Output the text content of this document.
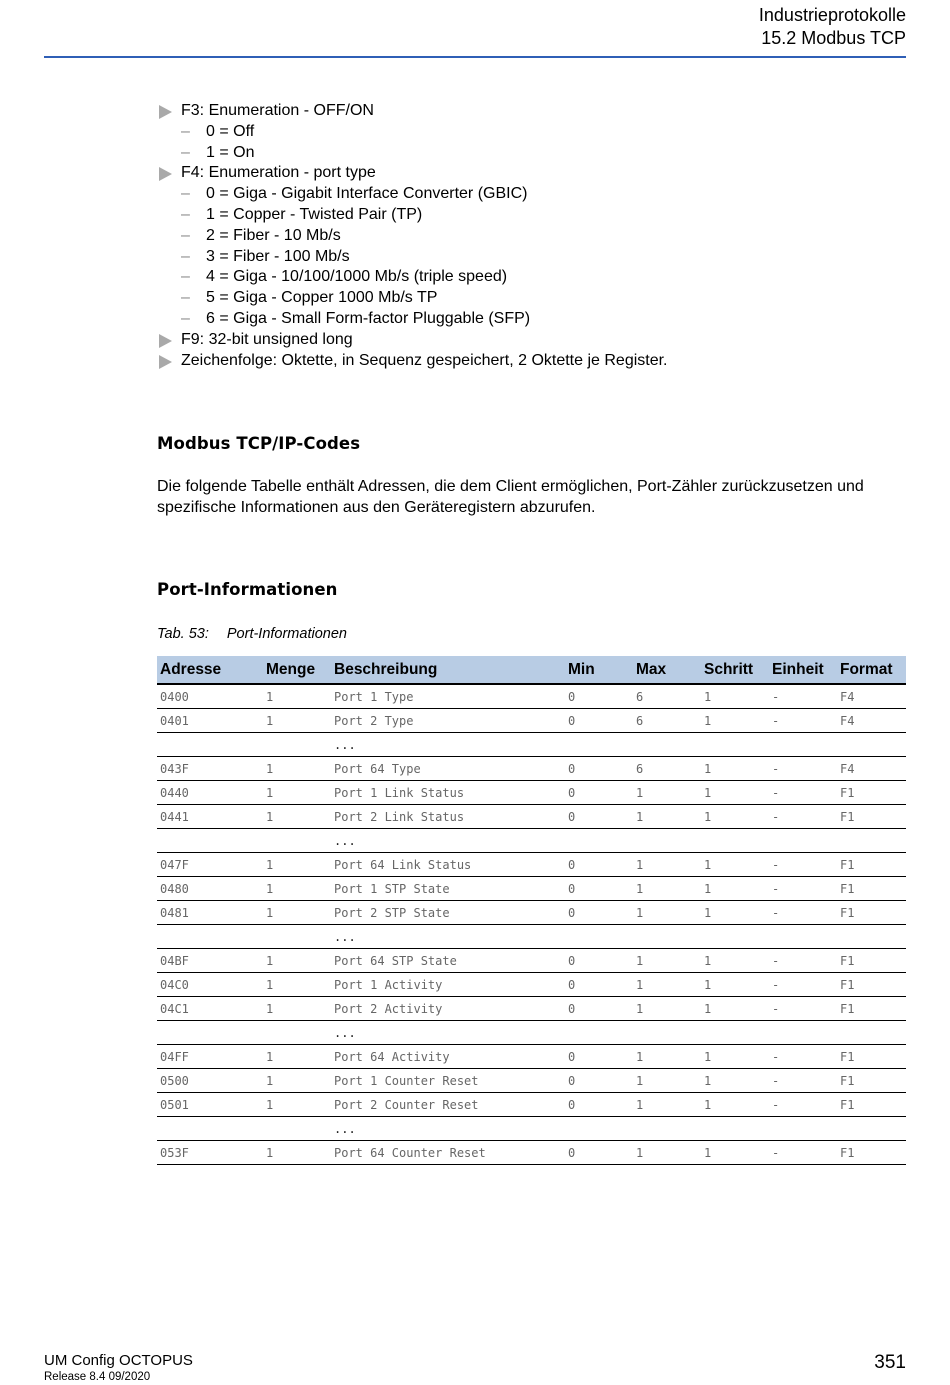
Industrieprotokolle
15.2 Modbus TCP
F3: Enumeration - OFF/ON
– 0 = Off
– 1 = On
F4: Enumeration - port type
– 0 = Giga - Gigabit Interface Converter (GBIC)
– 1 = Copper - Twisted Pair (TP)
– 2 = Fiber - 10 Mb/s
– 3 = Fiber - 100 Mb/s
– 4 = Giga - 10/100/1000 Mb/s (triple speed)
– 5 = Giga - Copper 1000 Mb/s TP
– 6 = Giga - Small Form-factor Pluggable (SFP)
F9: 32-bit unsigned long
Zeichenfolge: Oktette, in Sequenz gespeichert, 2 Oktette je Register.
Modbus TCP/IP-Codes

Die folgende Tabelle enthält Adressen, die dem Client ermöglichen, Port-Zähler zurückzusetzen und spezifische Informationen aus den Geräteregistern abzurufen.

Port-Informationen
Tab. 53: Port-Informationen
Adresse	Menge	Beschreibung	Min	Max	Schritt	Einheit	Format
0400	1	Port 1 Type	0	6	1	-	F4
0401	1	Port 2 Type	0	6	1	-	F4
		...					
043F	1	Port 64 Type	0	6	1	-	F4
0440	1	Port 1 Link Status	0	1	1	-	F1
0441	1	Port 2 Link Status	0	1	1	-	F1
		...					
047F	1	Port 64 Link Status	0	1	1	-	F1
0480	1	Port 1 STP State	0	1	1	-	F1
0481	1	Port 2 STP State	0	1	1	-	F1
		...					
04BF	1	Port 64 STP State	0	1	1	-	F1
04C0	1	Port 1 Activity	0	1	1	-	F1
04C1	1	Port 2 Activity	0	1	1	-	F1
		...					
04FF	1	Port 64 Activity	0	1	1	-	F1
0500	1	Port 1 Counter Reset	0	1	1	-	F1
0501	1	Port 2 Counter Reset	0	1	1	-	F1
		...					
053F	1	Port 64 Counter Reset	0	1	1	-	F1
UM Config OCTOPUS
Release 8.4 09/2020
351
